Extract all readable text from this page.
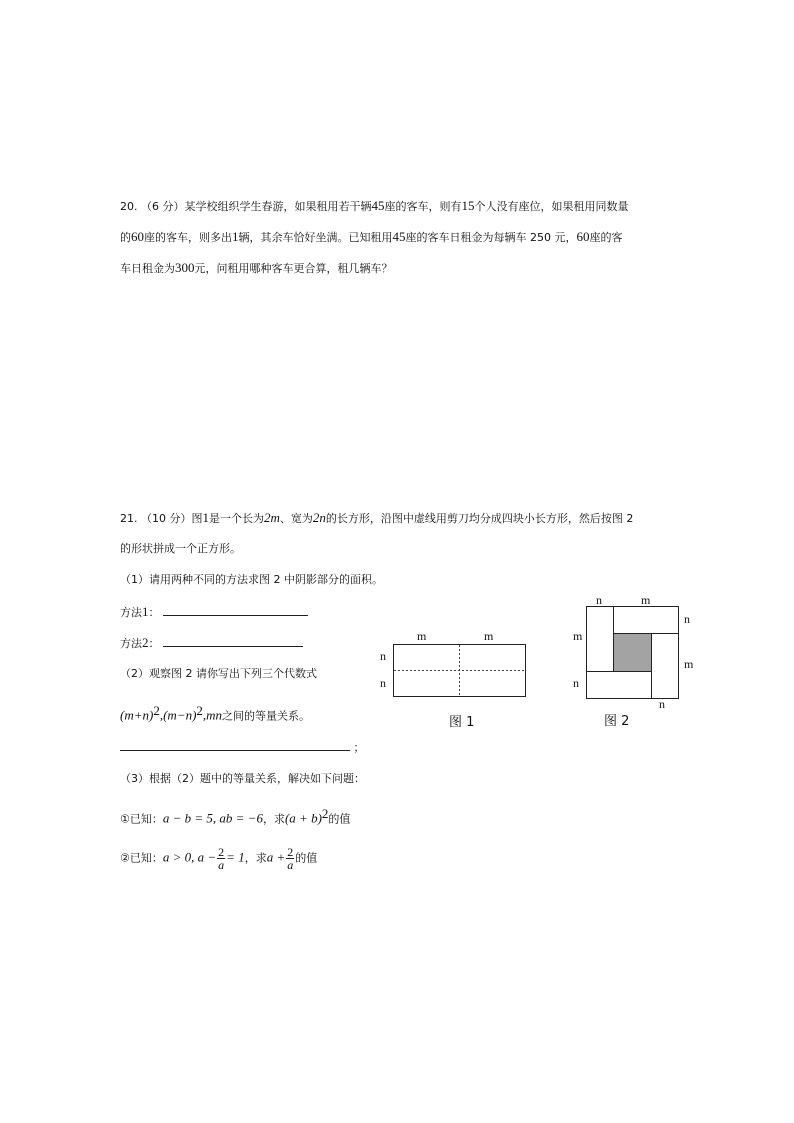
20. （6 分）某学校组织学生春游，如果租用若干辆45座的客车，则有15个人没有座位，如果租用同数量
的60座的客车，则多出1辆，其余车恰好坐满。已知租用45座的客车日租金为每辆车 250 元，60座的客
车日租金为300元，问租用哪种客车更合算，租几辆车？
21. （10 分）图1是一个长为2m、宽为2n的长方形，沿图中虚线用剪刀均分成四块小长方形，然后按图 2
的形状拼成一个正方形。
（1）请用两种不同的方法求图 2 中阴影部分的面积。
方法1：
方法2：
（2）观察图 2 请你写出下列三个代数式
$(m+n)^2,(m-n)^2,mn$之间的等量关系。
；
（3）根据（2）题中的等量关系，解决如下问题：
①已知：a − b = 5, ab = −6，求$(a + b)^2$的值
②已知：a > 0, $a - \frac{2}{a} = 1$，求$a + \frac{2}{a}$ 的值
m	m
n
n
图 1
n	m
n
m
m
n
n
图 2
